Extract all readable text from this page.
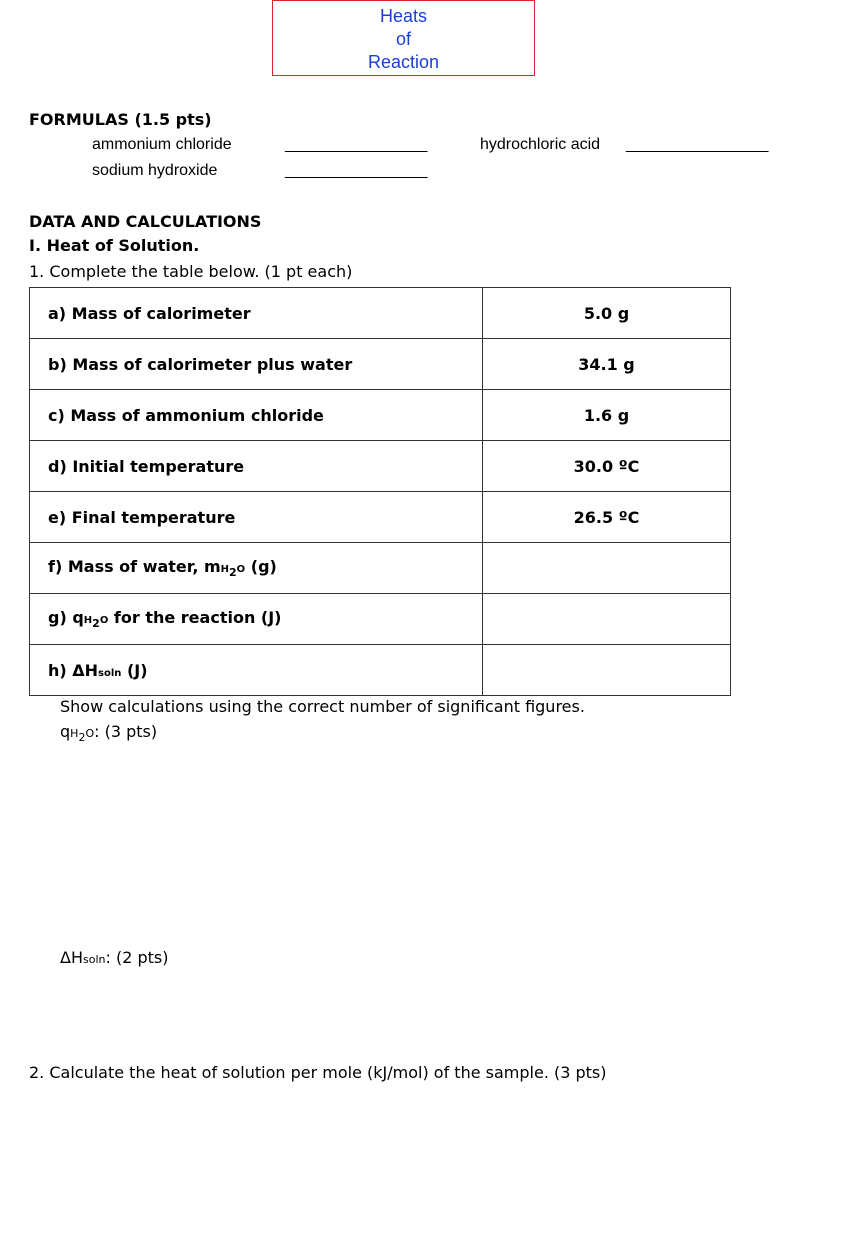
Heats
of
Reaction
FORMULAS (1.5 pts)
ammonium chloride	________________	hydrochloric acid ________________
sodium hydroxide	________________
DATA AND CALCULATIONS
I. Heat of Solution.
1. Complete the table below. (1 pt each)
a) Mass of calorimeter	5.0 g
b) Mass of calorimeter plus water	34.1 g
c) Mass of ammonium chloride	1.6 g
d) Initial temperature	30.0 ºC
e) Final temperature	26.5 ºC
f) Mass of water, $mH_2O$ (g)	
g) $qH_2O$ for the reaction (J)	
h) ΔHsoln (J)	
Show calculations using the correct number of significant figures.
$qH_2O$: (3 pts)
ΔHsoln: (2 pts)
2. Calculate the heat of solution per mole (kJ/mol) of the sample. (3 pts)
